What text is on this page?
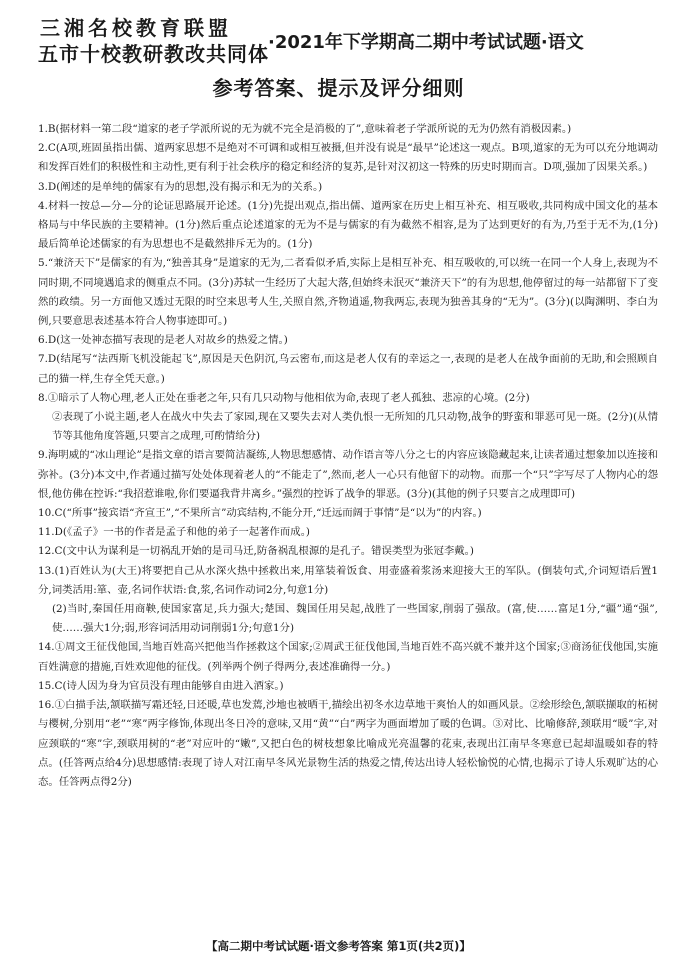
三湘名校教育联盟
五市十校教研教改共同体 ·2021年下学期高二期中考试试题·语文
参考答案、提示及评分细则

1.B(据材料一第二段“道家的老子学派所说的无为就不完全是消极的了”,意味着老子学派所说的无为仍然有消极因素。)

2.C(A项,班固虽指出儒、道两家思想不是绝对不可调和或相互被摄,但并没有说是“最早”论述这一观点。B项,道家的无为可以充分地调动和发挥百姓们的积极性和主动性,更有利于社会秩序的稳定和经济的复苏,是针对汉初这一特殊的历史时期而言。D项,强加了因果关系。)

3.D(阐述的是单纯的儒家有为的思想,没有揭示和无为的关系。)

4.材料一按总—分—分的论证思路展开论述。(1分)先提出观点,指出儒、道两家在历史上相互补充、相互吸收,共同构成中国文化的基本格局与中华民族的主要精神。(1分)然后重点论述道家的无为不是与儒家的有为截然不相容,是为了达到更好的有为,乃至于无不为,(1分)最后简单论述儒家的有为思想也不是截然排斥无为的。(1分)

5.“兼济天下”是儒家的有为,“独善其身”是道家的无为,二者看似矛盾,实际上是相互补充、相互吸收的,可以统一在同一个人身上,表现为不同时期,不同境遇追求的侧重点不同。(3分)苏轼一生经历了大起大落,但始终未泯灭“兼济天下”的有为思想,他停留过的每一站都留下了变然的政绩。另一方面他又透过无限的时空来思考人生,关照自然,齐物逍遥,物我两忘,表现为独善其身的“无为”。(3分)(以陶渊明、李白为例,只要意思表述基本符合人物事迹即可。)

6.D(这一处神态描写表现的是老人对故乡的热爱之情。)

7.D(结尾写“法西斯飞机没能起飞”,原因是天色阴沉,乌云密布,而这是老人仅有的幸运之一,表现的是老人在战争面前的无助,和会照顾自己的猫一样,生存全凭天意。)

8.①暗示了人物心理,老人正处在垂老之年,只有几只动物与他相依为命,表现了老人孤独、悲凉的心境。(2分)

②表现了小说主题,老人在战火中失去了家园,现在又要失去对人类仇恨一无所知的几只动物,战争的野蛮和罪恶可见一斑。(2分)(从情节等其他角度答题,只要言之成理,可酌情给分)

9.海明威的“冰山理论”是指文章的语言要简洁凝练,人物思想感情、动作语言等八分之七的内容应该隐藏起来,让读者通过想象加以连接和弥补。(3分)本文中,作者通过描写处处体现着老人的“不能走了”,然而,老人一心只有他留下的动物。而那一个“只”字写尽了人物内心的怨恨,他仿佛在控诉:“我招惹谁啦,你们要逼我背井离乡。”强烈的控诉了战争的罪恶。(3分)(其他的例子只要言之成理即可)

10.C(“所事”接宾语“齐宣王”,“不果所言”动宾结构,不能分开,“迁远而阔于事情”是“以为”的内容。)

11.D(《孟子》一书的作者是孟子和他的弟子一起著作而成。)

12.C(文中认为谋利是一切祸乱开始的是司马迁,防备祸乱根源的是孔子。错误类型为张冠李戴。)

13.(1)百姓认为(大王)将要把自己从水深火热中拯救出来,用箪装着饭食、用壶盛着浆汤来迎接大王的军队。(倒装句式,介词短语后置1分,词类活用:箪、壶,名词作状语:食,浆,名词作动词2分,句意1分)

(2)当时,秦国任用商鞅,使国家富足,兵力强大;楚国、魏国任用吴起,战胜了一些国家,削弱了强敌。(富,使……富足1分,“疆”通“强”,使……强大1分;弱,形容词活用动词削弱1分;句意1分)

14.①周文王征伐他国,当地百姓高兴把他当作拯救这个国家;②周武王征伐他国,当地百姓不高兴就不兼并这个国家;③商汤征伐他国,实施百姓满意的措施,百姓欢迎他的征伐。(列举两个例子得两分,表述准确得一分。)

15.C(诗人因为身为官员没有理由能够自由进入酒家。)

16.①白描手法,颔联描写霜还轻,日还暖,草也发蔫,沙地也被晒干,描绘出初冬水边草地干爽怡人的如画风景。②绘形绘色,颔联撷取的柘树与樱树,分别用“老”“寒”两字修饰,体现出冬日冷的意味,又用“黄”“白”两字为画面增加了暖的色调。③对比、比喻修辞,颈联用“暖”字,对应颈联的“寒”字,颈联用树的“老”对应叶的“嫩”,又把白色的树枝想象比喻成光亮温馨的花束,表现出江南早冬寒意已起却温暖如春的特点。(任答两点给4分)思想感情:表现了诗人对江南早冬风光景物生活的热爱之情,传达出诗人轻松愉悦的心情,也揭示了诗人乐观旷达的心态。任答两点得2分)

【高二期中考试试题·语文参考答案 第1页(共2页)】
